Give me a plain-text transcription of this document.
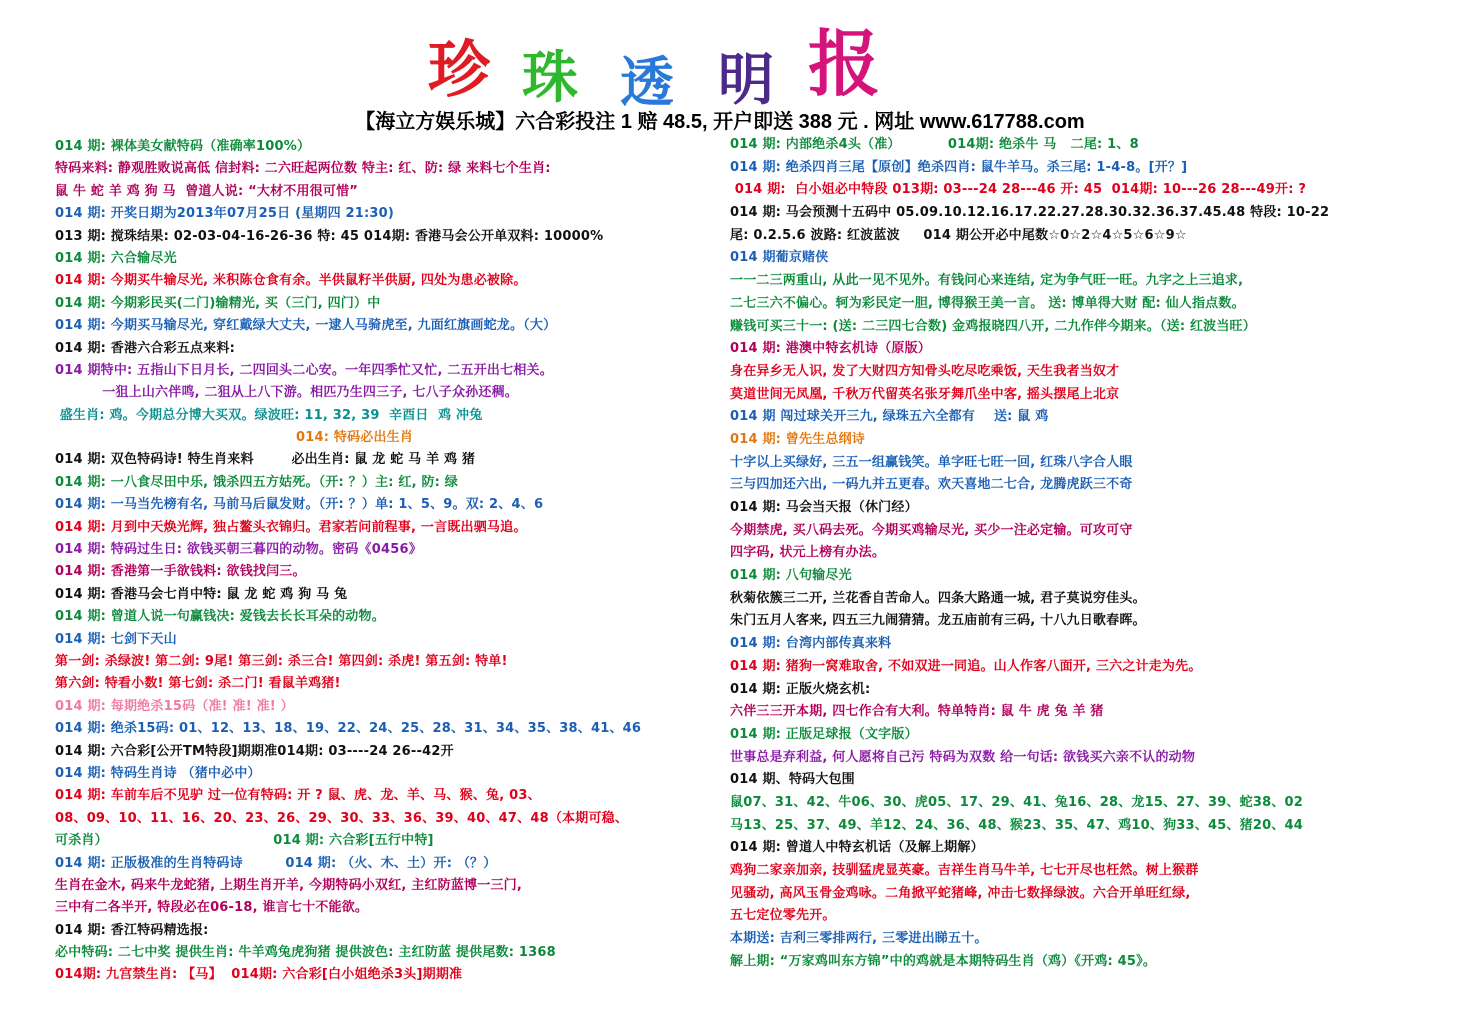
珍 珠 透 明 报
【海立方娱乐城】六合彩投注 1 赔 48.5, 开户即送 388 元 . 网址 www.617788.com
014 期: 裸体美女献特码（准确率100%）
特码来料: 静观胜败说高低 信封料: 二六旺起两位数 特主: 红、防: 绿 来料七个生肖:
鼠 牛 蛇 羊 鸡 狗 马  曾道人说: “大材不用很可惜”
014 期: 开奖日期为2013年07月25日 (星期四 21:30)
013 期: 搅珠结果: 02-03-04-16-26-36 特: 45 014期: 香港马会公开单双料: 10000%
014 期: 六合输尽光
014 期: 今期买牛输尽光, 米积陈仓食有余。半供鼠籽半供厨, 四处为患必被除。
014 期: 今期彩民买(二门)输精光, 买（三门, 四门）中
014 期: 今期买马输尽光, 穿红戴绿大丈夫, 一逮人马骑虎至, 九面红旗画蛇龙。（大）
014 期: 香港六合彩五点来料:
014 期特中: 五指山下日月长, 二四回头二心安。一年四季忙又忙, 二五开出七相关。
一狙上山六伴鸣, 二狙从上八下游。相匹乃生四三子, 七八子众孙还稠。
盛生肖: 鸡。今期总分博大买双。绿波旺: 11, 32, 39  辛酉日  鸡 冲兔
014: 特码必出生肖
014 期: 双色特码诗! 特生肖来料        必出生肖: 鼠 龙 蛇 马 羊 鸡 猪
014 期: 一八食尽田中乐, 饿杀四五方姑死。（开: ？）主: 红, 防: 绿
014 期: 一马当先榜有名, 马前马后鼠发财。（开: ？）单: 1、5、9。双: 2、4、6
014 期: 月到中天焕光辉, 独占鳌头衣锦归。君家若问前程事, 一言既出驷马追。
014 期: 特码过生日: 欲钱买朝三暮四的动物。密码《0456》
014 期: 香港第一手欲钱料: 欲钱找闫三。
014 期: 香港马会七肖中特: 鼠 龙 蛇 鸡 狗 马 兔
014 期: 曾道人说一句赢钱决: 爱钱去长长耳朵的动物。
014 期: 七剑下天山
第一剑: 杀绿波! 第二剑: 9尾! 第三剑: 杀三合! 第四剑: 杀虎! 第五剑: 特单!
第六剑: 特看小数! 第七剑: 杀二门! 看鼠羊鸡猪!
014 期: 每期绝杀15码（准! 准! 准! ）
014 期: 绝杀15码: 01、12、13、18、19、22、24、25、28、31、34、35、38、41、46
014 期: 六合彩[公开TM特段]期期准014期: 03----24 26--42开
014 期: 特码生肖诗 （猪中必中）
014 期: 车前车后不见驴 过一位有特码: 开 ? 鼠、虎、龙、羊、马、猴、兔, 03、
08、09、10、11、16、20、23、26、29、30、33、36、39、40、47、48（本期可稳、
可杀肖）                                   014 期: 六合彩[五行中特]
014 期: 正版极准的生肖特码诗         014 期: （火、木、土）开: （？）
生肖在金木, 码来牛龙蛇猪, 上期生肖开羊, 今期特码小双红, 主红防蓝博一三门,
三中有二各半开, 特段必在06-18, 谁言七十不能欲。
014 期: 香江特码精选报:
必中特码: 二七中奖 提供生肖: 牛羊鸡兔虎狗猪 提供波色: 主红防蓝 提供尾数: 1368
014期: 九宫禁生肖: 【马】  014期: 六合彩[白小姐绝杀3头]期期准
014 期: 内部绝杀4头（准）          014期: 绝杀牛 马   二尾: 1、8
014 期: 绝杀四肖三尾【原创】绝杀四肖: 鼠牛羊马。杀三尾: 1-4-8。[开？]
014 期:  白小姐必中特段 013期: 03---24 28---46 开: 45  014期: 10---26 28---49开: ?
014 期: 马会预测十五码中 05.09.10.12.16.17.22.27.28.30.32.36.37.45.48 特段: 10-22
尾: 0.2.5.6 波路: 红波蓝波     014 期公开必中尾数☆0☆2☆4☆5☆6☆9☆
014 期葡京赌侠
一一二三两重山, 从此一见不见外。有钱问心来连结, 定为争气旺一旺。九字之上三追求,
二七三六不偏心。轲为彩民定一胆, 博得猴王美一言。 送: 博单得大财 配: 仙人指点数。
赚钱可买三十一: (送: 二三四七合数) 金鸡报晓四八开, 二九作伴今期来。（送: 红波当旺）
014 期: 港澳中特玄机诗（原版）
身在异乡无人识, 发了大财四方知骨头吃尽吃乘饭, 天生我者当奴才
莫道世间无凤凰, 千秋万代留英名张牙舞爪坐中客, 摇头摆尾上北京
014 期 闯过球关开三九, 绿珠五六全都有    送: 鼠 鸡
014 期: 曾先生总纲诗
十字以上买绿好, 三五一组赢钱笑。单字旺七旺一回, 红珠八字合人眼
三与四加还六出, 一码九并五更春。欢天喜地二七合, 龙腾虎跃三不奇
014 期: 马会当天报（休门经）
今期禁虎, 买八码去死。今期买鸡输尽光, 买少一注必定输。可攻可守
四字码, 状元上榜有办法。
014 期: 八句输尽光
秋菊依簇三二开, 兰花香自苦命人。四条大路通一城, 君子莫说穷佳头。
朱门五月人客来, 四五三九闹猜猜。龙五庙前有三码, 十八九日歌春晖。
014 期: 台湾内部传真来料
014 期: 猪狗一窝难取舍, 不如双进一同追。山人作客八面开, 三六之计走为先。
014 期: 正版火烧玄机:
六伴三三开本期, 四七作合有大利。特单特肖: 鼠 牛 虎 兔 羊 猪
014 期: 正版足球报（文字版）
世事总是弃利益, 何人愿将自己污 特码为双数 给一句话: 欲钱买六亲不认的动物
014 期、特码大包围
鼠07、31、42、牛06、30、虎05、17、29、41、兔16、28、龙15、27、39、蛇38、02
马13、25、37、49、羊12、24、36、48、猴23、35、47、鸡10、狗33、45、猪20、44
014 期: 曾道人中特玄机话（及解上期解）
鸡狗二家亲加亲, 技驯猛虎显英豪。吉祥生肖马牛羊, 七七开尽也枉然。树上猴群
见骚动, 高风玉骨金鸡咏。二角掀平蛇猪峰, 冲击七数择绿波。六合开单旺红绿,
五七定位零先开。
本期送: 吉利三零排两行, 三零进出睇五十。
解上期: “万家鸡叫东方锦”中的鸡就是本期特码生肖（鸡）《开鸡: 45》。
